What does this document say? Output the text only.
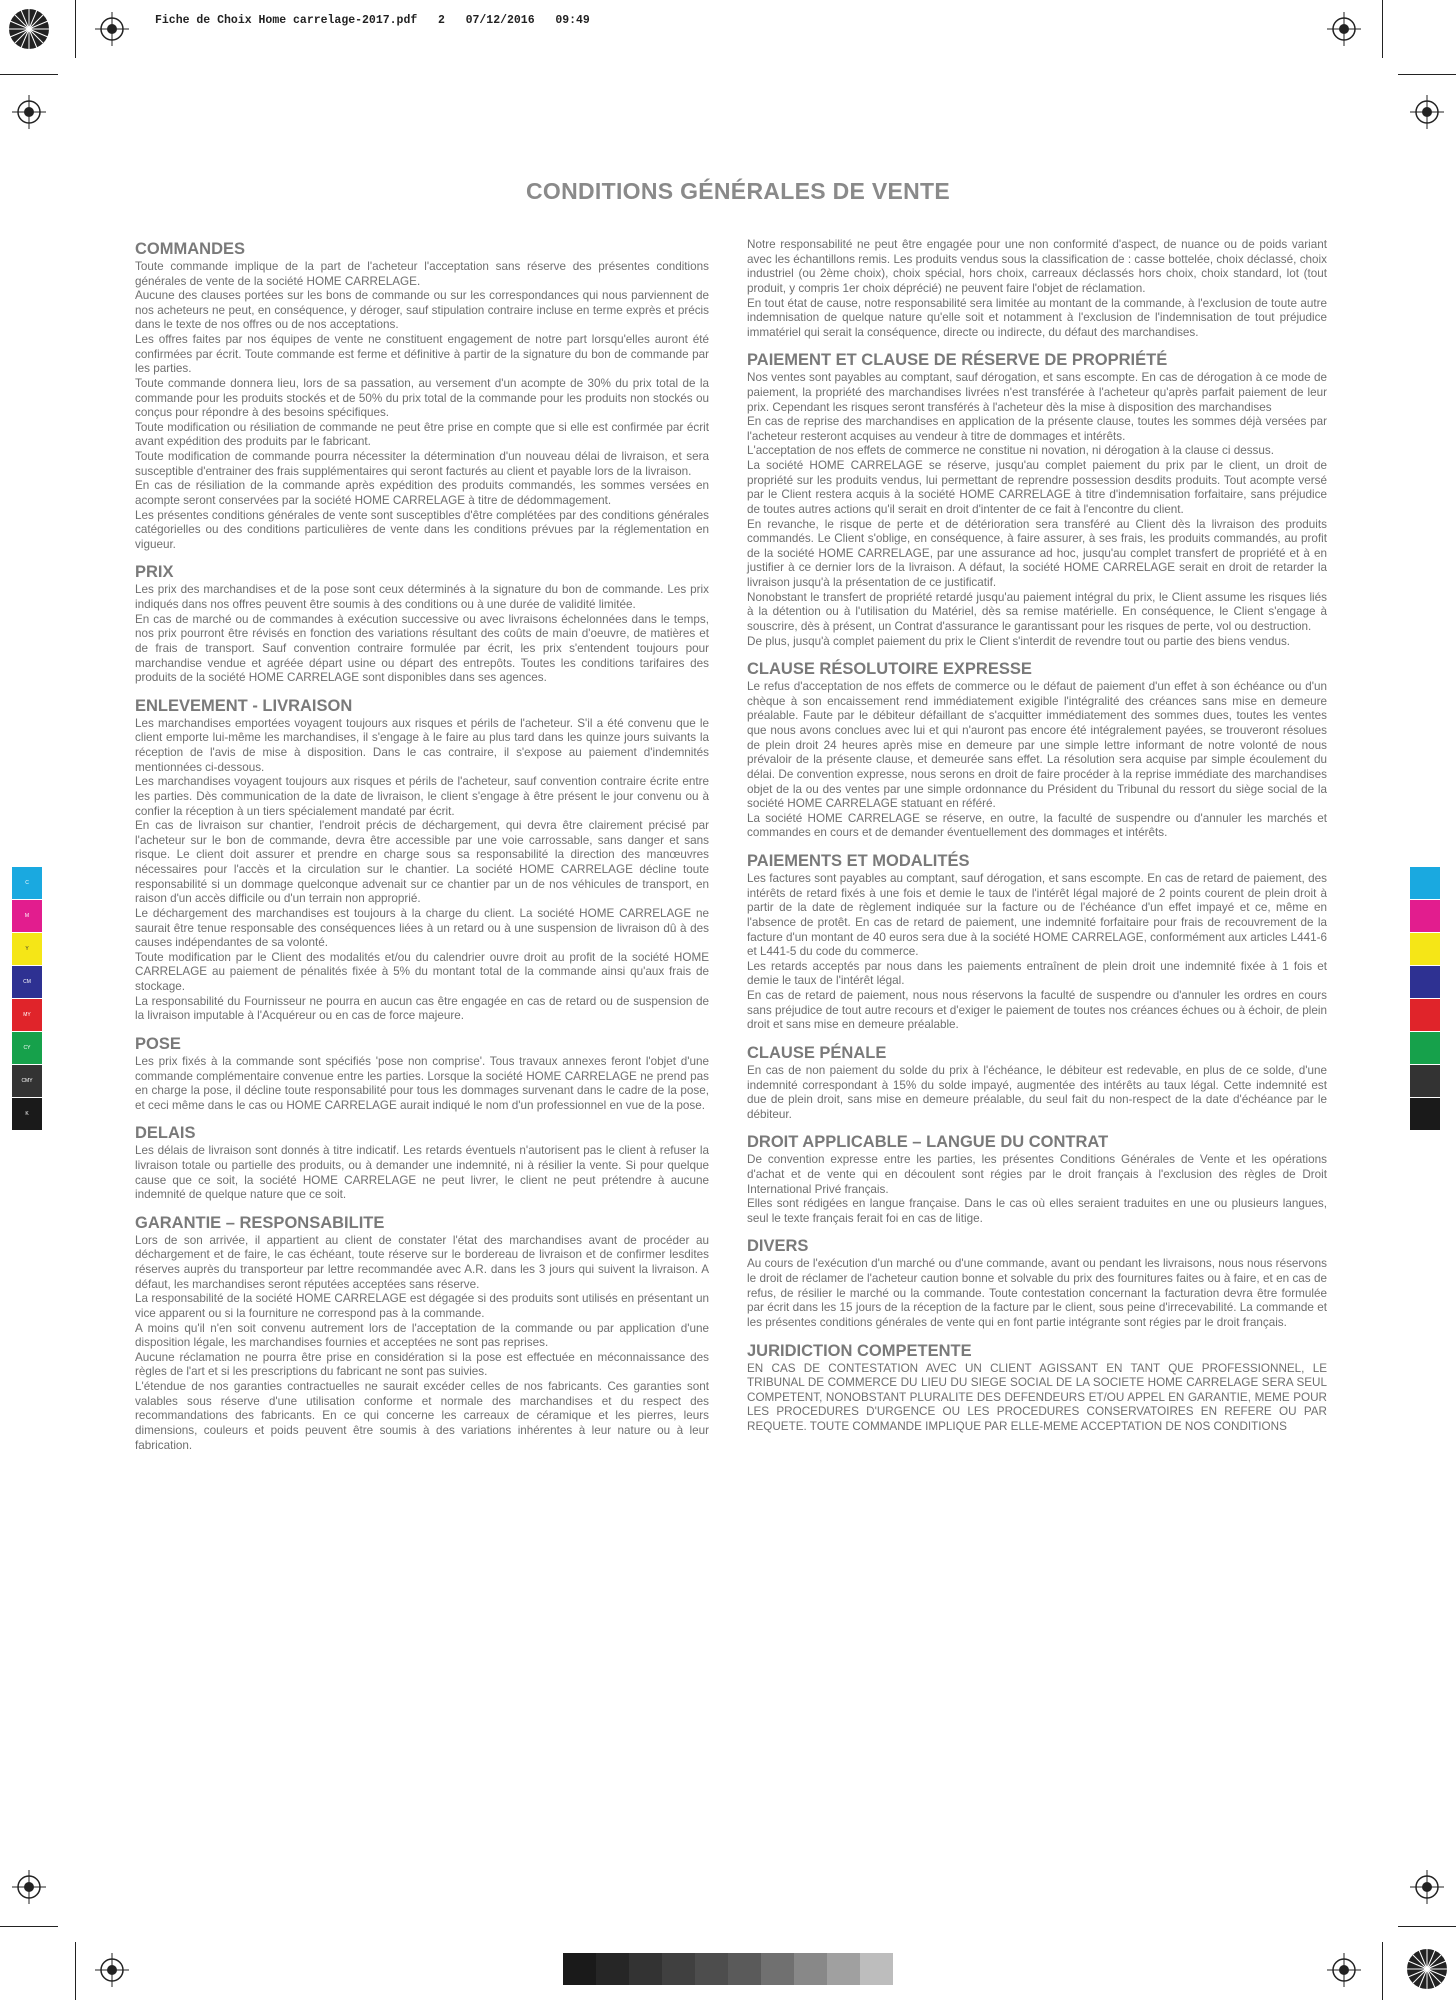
Fiche de Choix Home carrelage-2017.pdf 2 07/12/2016 09:49
C
M
Y
CM
MY
CY
CMY
K
CONDITIONS GÉNÉRALES DE VENTE
COMMANDES

Toute commande implique de la part de l'acheteur l'acceptation sans réserve des présentes conditions générales de vente de la société HOME CARRELAGE.

Aucune des clauses portées sur les bons de commande ou sur les correspondances qui nous parviennent de nos acheteurs ne peut, en conséquence, y déroger, sauf stipulation contraire incluse en terme exprès et précis dans le texte de nos offres ou de nos acceptations.

Les offres faites par nos équipes de vente ne constituent engagement de notre part lorsqu'elles auront été confirmées par écrit. Toute commande est ferme et définitive à partir de la signature du bon de commande par les parties.

Toute commande donnera lieu, lors de sa passation, au versement d'un acompte de 30% du prix total de la commande pour les produits stockés et de 50% du prix total de la commande pour les produits non stockés ou conçus pour répondre à des besoins spécifiques.

Toute modification ou résiliation de commande ne peut être prise en compte que si elle est confirmée par écrit avant expédition des produits par le fabricant.

Toute modification de commande pourra nécessiter la détermination d'un nouveau délai de livraison, et sera susceptible d'entrainer des frais supplémentaires qui seront facturés au client et payable lors de la livraison.

En cas de résiliation de la commande après expédition des produits commandés, les sommes versées en acompte seront conservées par la société HOME CARRELAGE à titre de dédommagement.

Les présentes conditions générales de vente sont susceptibles d'être complétées par des conditions générales catégorielles ou des conditions particulières de vente dans les conditions prévues par la réglementation en vigueur.

PRIX

Les prix des marchandises et de la pose sont ceux déterminés à la signature du bon de commande. Les prix indiqués dans nos offres peuvent être soumis à des conditions ou à une durée de validité limitée.

En cas de marché ou de commandes à exécution successive ou avec livraisons échelonnées dans le temps, nos prix pourront être révisés en fonction des variations résultant des coûts de main d'oeuvre, de matières et de frais de transport. Sauf convention contraire formulée par écrit, les prix s'entendent toujours pour marchandise vendue et agréée départ usine ou départ des entrepôts. Toutes les conditions tarifaires des produits de la société HOME CARRELAGE sont disponibles dans ses agences.

ENLEVEMENT - LIVRAISON

Les marchandises emportées voyagent toujours aux risques et périls de l'acheteur. S'il a été convenu que le client emporte lui-même les marchandises, il s'engage à le faire au plus tard dans les quinze jours suivants la réception de l'avis de mise à disposition. Dans le cas contraire, il s'expose au paiement d'indemnités mentionnées ci-dessous.

Les marchandises voyagent toujours aux risques et périls de l'acheteur, sauf convention contraire écrite entre les parties. Dès communication de la date de livraison, le client s'engage à être présent le jour convenu ou à confier la réception à un tiers spécialement mandaté par écrit.

En cas de livraison sur chantier, l'endroit précis de déchargement, qui devra être clairement précisé par l'acheteur sur le bon de commande, devra être accessible par une voie carrossable, sans danger et sans risque. Le client doit assurer et prendre en charge sous sa responsabilité la direction des manœuvres nécessaires pour l'accès et la circulation sur le chantier. La société HOME CARRELAGE décline toute responsabilité si un dommage quelconque advenait sur ce chantier par un de nos véhicules de transport, en raison d'un accès difficile ou d'un terrain non approprié.

Le déchargement des marchandises est toujours à la charge du client. La société HOME CARRELAGE ne saurait être tenue responsable des conséquences liées à un retard ou à une suspension de livraison dû à des causes indépendantes de sa volonté.

Toute modification par le Client des modalités et/ou du calendrier ouvre droit au profit de la société HOME CARRELAGE au paiement de pénalités fixée à 5% du montant total de la commande ainsi qu'aux frais de stockage.

La responsabilité du Fournisseur ne pourra en aucun cas être engagée en cas de retard ou de suspension de la livraison imputable à l'Acquéreur ou en cas de force majeure.

POSE

Les prix fixés à la commande sont spécifiés 'pose non comprise'. Tous travaux annexes feront l'objet d'une commande complémentaire convenue entre les parties. Lorsque la société HOME CARRELAGE ne prend pas en charge la pose, il décline toute responsabilité pour tous les dommages survenant dans le cadre de la pose, et ceci même dans le cas ou HOME CARRELAGE aurait indiqué le nom d'un professionnel en vue de la pose.

DELAIS

Les délais de livraison sont donnés à titre indicatif. Les retards éventuels n'autorisent pas le client à refuser la livraison totale ou partielle des produits, ou à demander une indemnité, ni à résilier la vente. Si pour quelque cause que ce soit, la société HOME CARRELAGE ne peut livrer, le client ne peut prétendre à aucune indemnité de quelque nature que ce soit.

GARANTIE – RESPONSABILITE

Lors de son arrivée, il appartient au client de constater l'état des marchandises avant de procéder au déchargement et de faire, le cas échéant, toute réserve sur le bordereau de livraison et de confirmer lesdites réserves auprès du transporteur par lettre recommandée avec A.R. dans les 3 jours qui suivent la livraison. A défaut, les marchandises seront réputées acceptées sans réserve.

La responsabilité de la société HOME CARRELAGE est dégagée si des produits sont utilisés en présentant un vice apparent ou si la fourniture ne correspond pas à la commande.

A moins qu'il n'en soit convenu autrement lors de l'acceptation de la commande ou par application d'une disposition légale, les marchandises fournies et acceptées ne sont pas reprises.

Aucune réclamation ne pourra être prise en considération si la pose est effectuée en méconnaissance des règles de l'art et si les prescriptions du fabricant ne sont pas suivies.

L'étendue de nos garanties contractuelles ne saurait excéder celles de nos fabricants. Ces garanties sont valables sous réserve d'une utilisation conforme et normale des marchandises et du respect des recommandations des fabricants. En ce qui concerne les carreaux de céramique et les pierres, leurs dimensions, couleurs et poids peuvent être soumis à des variations inhérentes à leur nature ou à leur fabrication.

Notre responsabilité ne peut être engagée pour une non conformité d'aspect, de nuance ou de poids variant avec les échantillons remis. Les produits vendus sous la classification de : casse bottelée, choix déclassé, choix industriel (ou 2ème choix), choix spécial, hors choix, carreaux déclassés hors choix, choix standard, lot (tout produit, y compris 1er choix déprécié) ne peuvent faire l'objet de réclamation.

En tout état de cause, notre responsabilité sera limitée au montant de la commande, à l'exclusion de toute autre indemnisation de quelque nature qu'elle soit et notamment à l'exclusion de l'indemnisation de tout préjudice immatériel qui serait la conséquence, directe ou indirecte, du défaut des marchandises.

PAIEMENT ET CLAUSE DE RÉSERVE DE PROPRIÉTÉ

Nos ventes sont payables au comptant, sauf dérogation, et sans escompte. En cas de dérogation à ce mode de paiement, la propriété des marchandises livrées n'est transférée à l'acheteur qu'après parfait paiement de leur prix. Cependant les risques seront transférés à l'acheteur dès la mise à disposition des marchandises

En cas de reprise des marchandises en application de la présente clause, toutes les sommes déjà versées par l'acheteur resteront acquises au vendeur à titre de dommages et intérêts.

L'acceptation de nos effets de commerce ne constitue ni novation, ni dérogation à la clause ci dessus.

La société HOME CARRELAGE se réserve, jusqu'au complet paiement du prix par le client, un droit de propriété sur les produits vendus, lui permettant de reprendre possession desdits produits. Tout acompte versé par le Client restera acquis à la société HOME CARRELAGE à titre d'indemnisation forfaitaire, sans préjudice de toutes autres actions qu'il serait en droit d'intenter de ce fait à l'encontre du client.

En revanche, le risque de perte et de détérioration sera transféré au Client dès la livraison des produits commandés. Le Client s'oblige, en conséquence, à faire assurer, à ses frais, les produits commandés, au profit de la société HOME CARRELAGE, par une assurance ad hoc, jusqu'au complet transfert de propriété et à en justifier à ce dernier lors de la livraison. A défaut, la société HOME CARRELAGE serait en droit de retarder la livraison jusqu'à la présentation de ce justificatif.

Nonobstant le transfert de propriété retardé jusqu'au paiement intégral du prix, le Client assume les risques liés à la détention ou à l'utilisation du Matériel, dès sa remise matérielle. En conséquence, le Client s'engage à souscrire, dès à présent, un Contrat d'assurance le garantissant pour les risques de perte, vol ou destruction.

De plus, jusqu'à complet paiement du prix le Client s'interdit de revendre tout ou partie des biens vendus.

CLAUSE RÉSOLUTOIRE EXPRESSE

Le refus d'acceptation de nos effets de commerce ou le défaut de paiement d'un effet à son échéance ou d'un chèque à son encaissement rend immédiatement exigible l'intégralité des créances sans mise en demeure préalable. Faute par le débiteur défaillant de s'acquitter immédiatement des sommes dues, toutes les ventes que nous avons conclues avec lui et qui n'auront pas encore été intégralement payées, se trouveront résolues de plein droit 24 heures après mise en demeure par une simple lettre informant de notre volonté de nous prévaloir de la présente clause, et demeurée sans effet. La résolution sera acquise par simple écoulement du délai. De convention expresse, nous serons en droit de faire procéder à la reprise immédiate des marchandises objet de la ou des ventes par une simple ordonnance du Président du Tribunal du ressort du siège social de la société HOME CARRELAGE statuant en référé.

La société HOME CARRELAGE se réserve, en outre, la faculté de suspendre ou d'annuler les marchés et commandes en cours et de demander éventuellement des dommages et intérêts.

PAIEMENTS ET MODALITÉS

Les factures sont payables au comptant, sauf dérogation, et sans escompte. En cas de retard de paiement, des intérêts de retard fixés à une fois et demie le taux de l'intérêt légal majoré de 2 points courent de plein droit à partir de la date de règlement indiquée sur la facture ou de l'échéance d'un effet impayé et ce, même en l'absence de protêt. En cas de retard de paiement, une indemnité forfaitaire pour frais de recouvrement de la facture d'un montant de 40 euros sera due à la société HOME CARRELAGE, conformément aux articles L441-6 et L441-5 du code du commerce.

Les retards acceptés par nous dans les paiements entraînent de plein droit une indemnité fixée à 1 fois et demie le taux de l'intérêt légal.

En cas de retard de paiement, nous nous réservons la faculté de suspendre ou d'annuler les ordres en cours sans préjudice de tout autre recours et d'exiger le paiement de toutes nos créances échues ou à échoir, de plein droit et sans mise en demeure préalable.

CLAUSE PÉNALE

En cas de non paiement du solde du prix à l'échéance, le débiteur est redevable, en plus de ce solde, d'une indemnité correspondant à 15% du solde impayé, augmentée des intérêts au taux légal. Cette indemnité est due de plein droit, sans mise en demeure préalable, du seul fait du non-respect de la date d'échéance par le débiteur.

DROIT APPLICABLE – LANGUE DU CONTRAT

De convention expresse entre les parties, les présentes Conditions Générales de Vente et les opérations d'achat et de vente qui en découlent sont régies par le droit français à l'exclusion des règles de Droit International Privé français.

Elles sont rédigées en langue française. Dans le cas où elles seraient traduites en une ou plusieurs langues, seul le texte français ferait foi en cas de litige.

DIVERS

Au cours de l'exécution d'un marché ou d'une commande, avant ou pendant les livraisons, nous nous réservons le droit de réclamer de l'acheteur caution bonne et solvable du prix des fournitures faites ou à faire, et en cas de refus, de résilier le marché ou la commande. Toute contestation concernant la facturation devra être formulée par écrit dans les 15 jours de la réception de la facture par le client, sous peine d'irrecevabilité. La commande et les présentes conditions générales de vente qui en font partie intégrante sont régies par le droit français.

JURIDICTION COMPETENTE

EN CAS DE CONTESTATION AVEC UN CLIENT AGISSANT EN TANT QUE PROFESSIONNEL, LE TRIBUNAL DE COMMERCE DU LIEU DU SIEGE SOCIAL DE LA SOCIETE HOME CARRELAGE SERA SEUL COMPETENT, NONOBSTANT PLURALITE DES DEFENDEURS ET/OU APPEL EN GARANTIE, MEME POUR LES PROCEDURES D'URGENCE OU LES PROCEDURES CONSERVATOIRES EN REFERE OU PAR REQUETE. TOUTE COMMANDE IMPLIQUE PAR ELLE-MEME ACCEPTATION DE NOS CONDITIONS
